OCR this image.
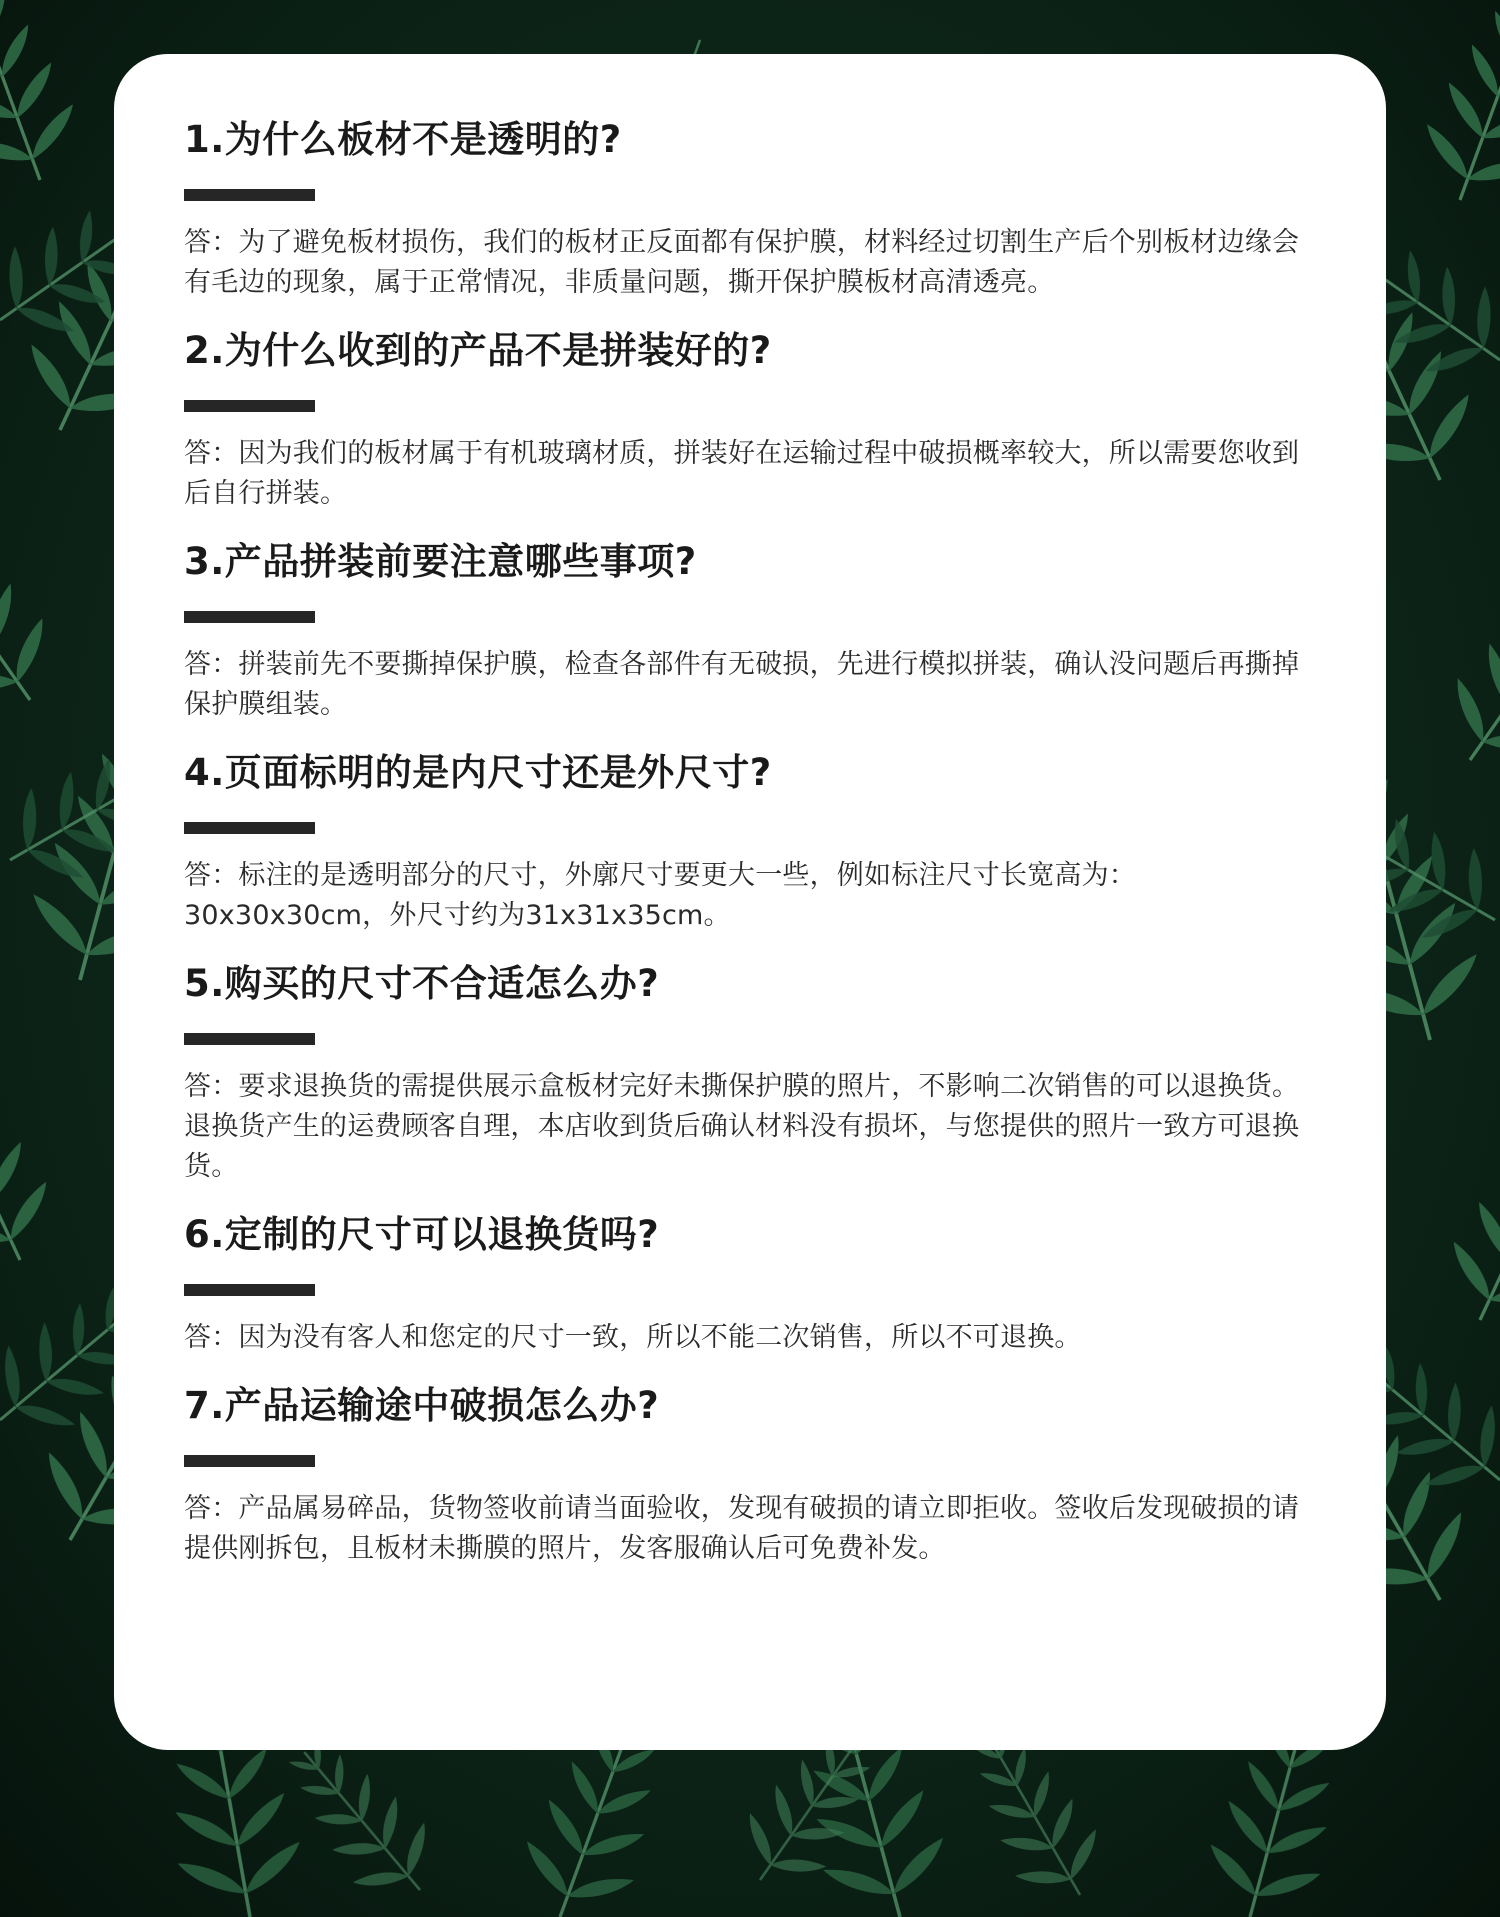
1.为什么板材不是透明的?

答：为了避免板材损伤，我们的板材正反面都有保护膜，材料经过切割生产后个别板材边缘会有毛边的现象，属于正常情况，非质量问题，撕开保护膜板材高清透亮。

2.为什么收到的产品不是拼装好的?

答：因为我们的板材属于有机玻璃材质，拼装好在运输过程中破损概率较大，所以需要您收到后自行拼装。

3.产品拼装前要注意哪些事项?

答：拼装前先不要撕掉保护膜，检查各部件有无破损，先进行模拟拼装，确认没问题后再撕掉保护膜组装。

4.页面标明的是内尺寸还是外尺寸?

答：标注的是透明部分的尺寸，外廓尺寸要更大一些，例如标注尺寸长宽高为：30x30x30cm，外尺寸约为31x31x35cm。

5.购买的尺寸不合适怎么办?

答：要求退换货的需提供展示盒板材完好未撕保护膜的照片，不影响二次销售的可以退换货。退换货产生的运费顾客自理，本店收到货后确认材料没有损坏，与您提供的照片一致方可退换货。

6.定制的尺寸可以退换货吗?

答：因为没有客人和您定的尺寸一致，所以不能二次销售，所以不可退换。

7.产品运输途中破损怎么办?

答：产品属易碎品，货物签收前请当面验收，发现有破损的请立即拒收。签收后发现破损的请提供刚拆包，且板材未撕膜的照片，发客服确认后可免费补发。
